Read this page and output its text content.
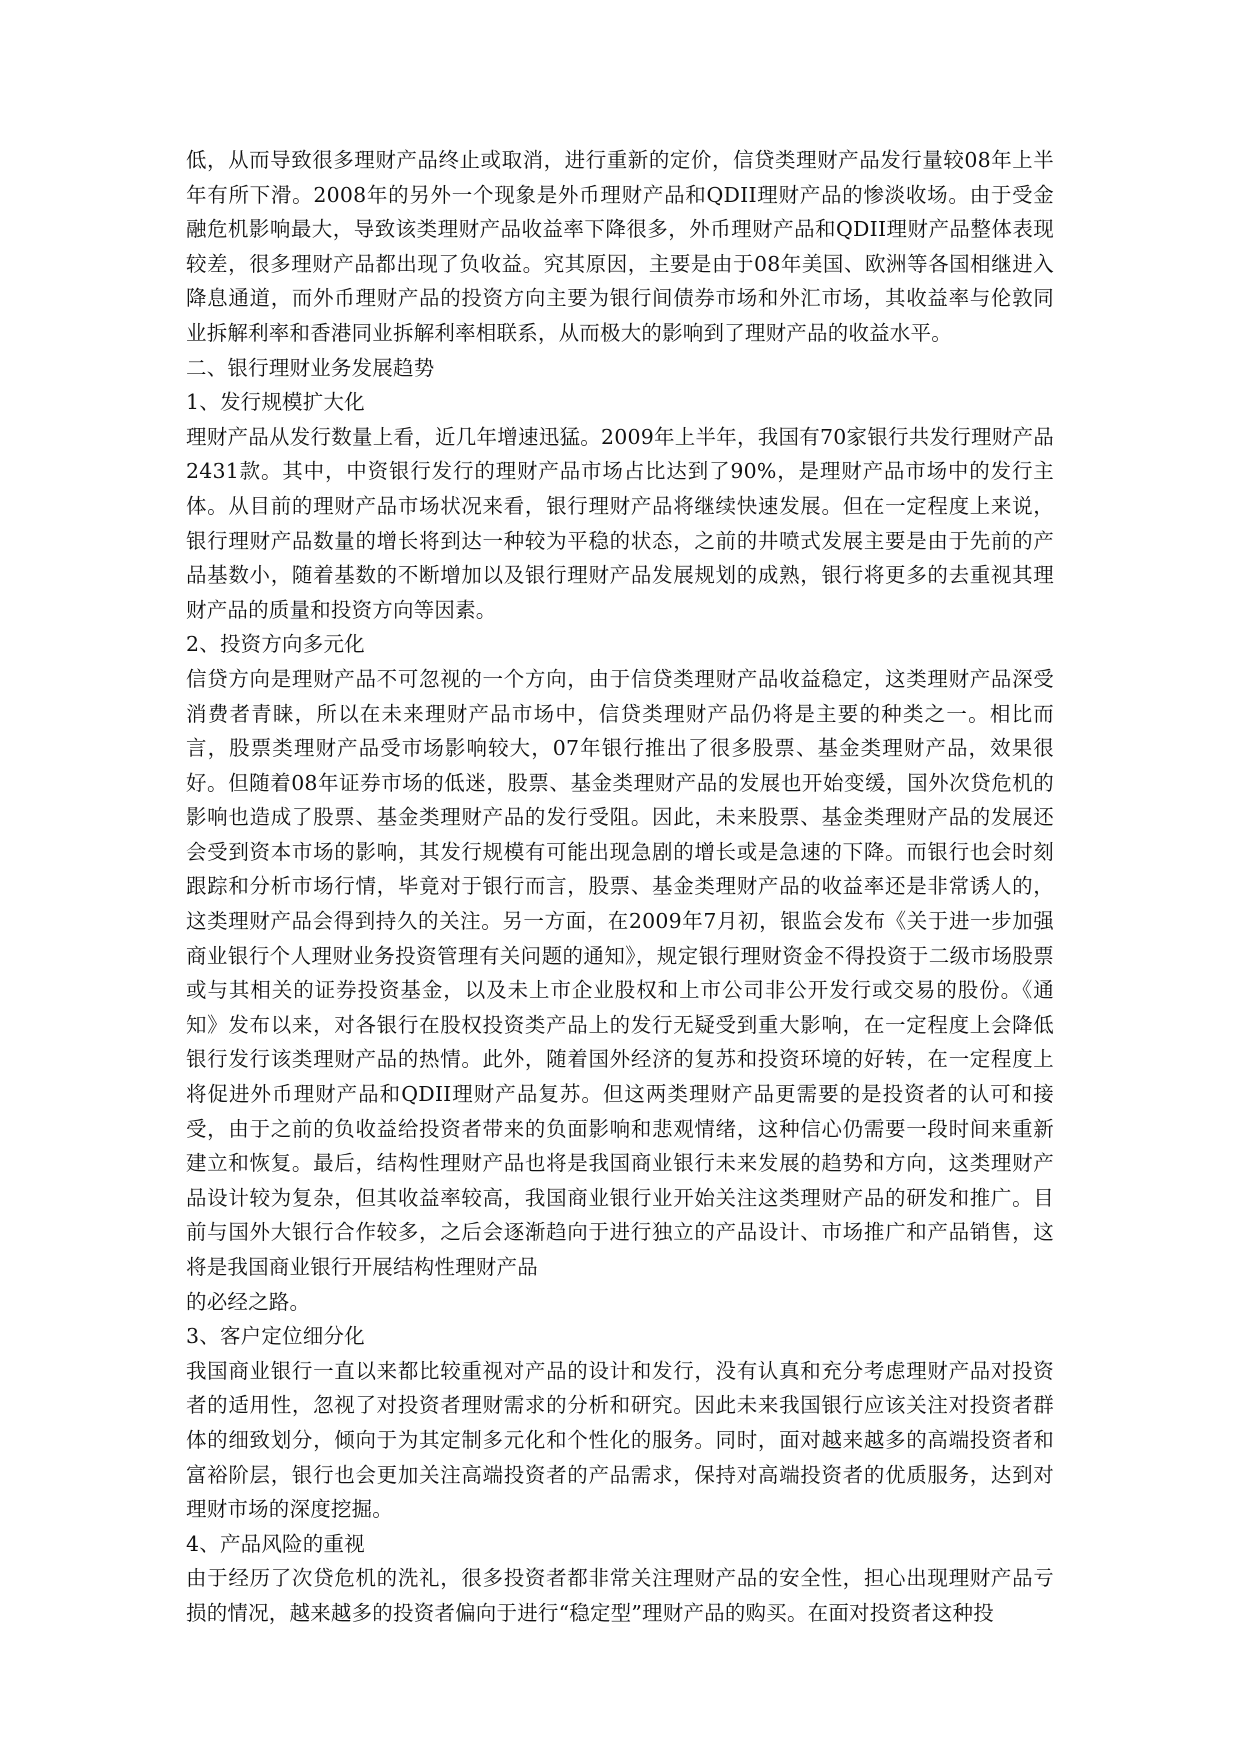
低，从而导致很多理财产品终止或取消，进行重新的定价，信贷类理财产品发行量较08年上半年有所下滑。2008年的另外一个现象是外币理财产品和QDII理财产品的惨淡收场。由于受金融危机影响最大，导致该类理财产品收益率下降很多，外币理财产品和QDII理财产品整体表现较差，很多理财产品都出现了负收益。究其原因，主要是由于08年美国、欧洲等各国相继进入降息通道，而外币理财产品的投资方向主要为银行间债券市场和外汇市场，其收益率与伦敦同业拆解利率和香港同业拆解利率相联系，从而极大的影响到了理财产品的收益水平。

二、银行理财业务发展趋势

1、发行规模扩大化

理财产品从发行数量上看，近几年增速迅猛。2009年上半年，我国有70家银行共发行理财产品2431款。其中，中资银行发行的理财产品市场占比达到了90%，是理财产品市场中的发行主体。从目前的理财产品市场状况来看，银行理财产品将继续快速发展。但在一定程度上来说，银行理财产品数量的增长将到达一种较为平稳的状态，之前的井喷式发展主要是由于先前的产品基数小，随着基数的不断增加以及银行理财产品发展规划的成熟，银行将更多的去重视其理财产品的质量和投资方向等因素。

2、投资方向多元化

信贷方向是理财产品不可忽视的一个方向，由于信贷类理财产品收益稳定，这类理财产品深受消费者青睐，所以在未来理财产品市场中，信贷类理财产品仍将是主要的种类之一。相比而言，股票类理财产品受市场影响较大，07年银行推出了很多股票、基金类理财产品，效果很好。但随着08年证券市场的低迷，股票、基金类理财产品的发展也开始变缓，国外次贷危机的影响也造成了股票、基金类理财产品的发行受阻。因此，未来股票、基金类理财产品的发展还会受到资本市场的影响，其发行规模有可能出现急剧的增长或是急速的下降。而银行也会时刻跟踪和分析市场行情，毕竟对于银行而言，股票、基金类理财产品的收益率还是非常诱人的，这类理财产品会得到持久的关注。另一方面，在2009年7月初，银监会发布《关于进一步加强商业银行个人理财业务投资管理有关问题的通知》，规定银行理财资金不得投资于二级市场股票或与其相关的证券投资基金，以及未上市企业股权和上市公司非公开发行或交易的股份。《通知》发布以来，对各银行在股权投资类产品上的发行无疑受到重大影响，在一定程度上会降低银行发行该类理财产品的热情。此外，随着国外经济的复苏和投资环境的好转，在一定程度上将促进外币理财产品和QDII理财产品复苏。但这两类理财产品更需要的是投资者的认可和接受，由于之前的负收益给投资者带来的负面影响和悲观情绪，这种信心仍需要一段时间来重新建立和恢复。最后，结构性理财产品也将是我国商业银行未来发展的趋势和方向，这类理财产品设计较为复杂，但其收益率较高，我国商业银行业开始关注这类理财产品的研发和推广。目前与国外大银行合作较多，之后会逐渐趋向于进行独立的产品设计、市场推广和产品销售，这将是我国商业银行开展结构性理财产品

的必经之路。

3、客户定位细分化

我国商业银行一直以来都比较重视对产品的设计和发行，没有认真和充分考虑理财产品对投资者的适用性，忽视了对投资者理财需求的分析和研究。因此未来我国银行应该关注对投资者群体的细致划分，倾向于为其定制多元化和个性化的服务。同时，面对越来越多的高端投资者和富裕阶层，银行也会更加关注高端投资者的产品需求，保持对高端投资者的优质服务，达到对理财市场的深度挖掘。

4、产品风险的重视

由于经历了次贷危机的洗礼，很多投资者都非常关注理财产品的安全性，担心出现理财产品亏损的情况，越来越多的投资者偏向于进行“稳定型”理财产品的购买。在面对投资者这种投
